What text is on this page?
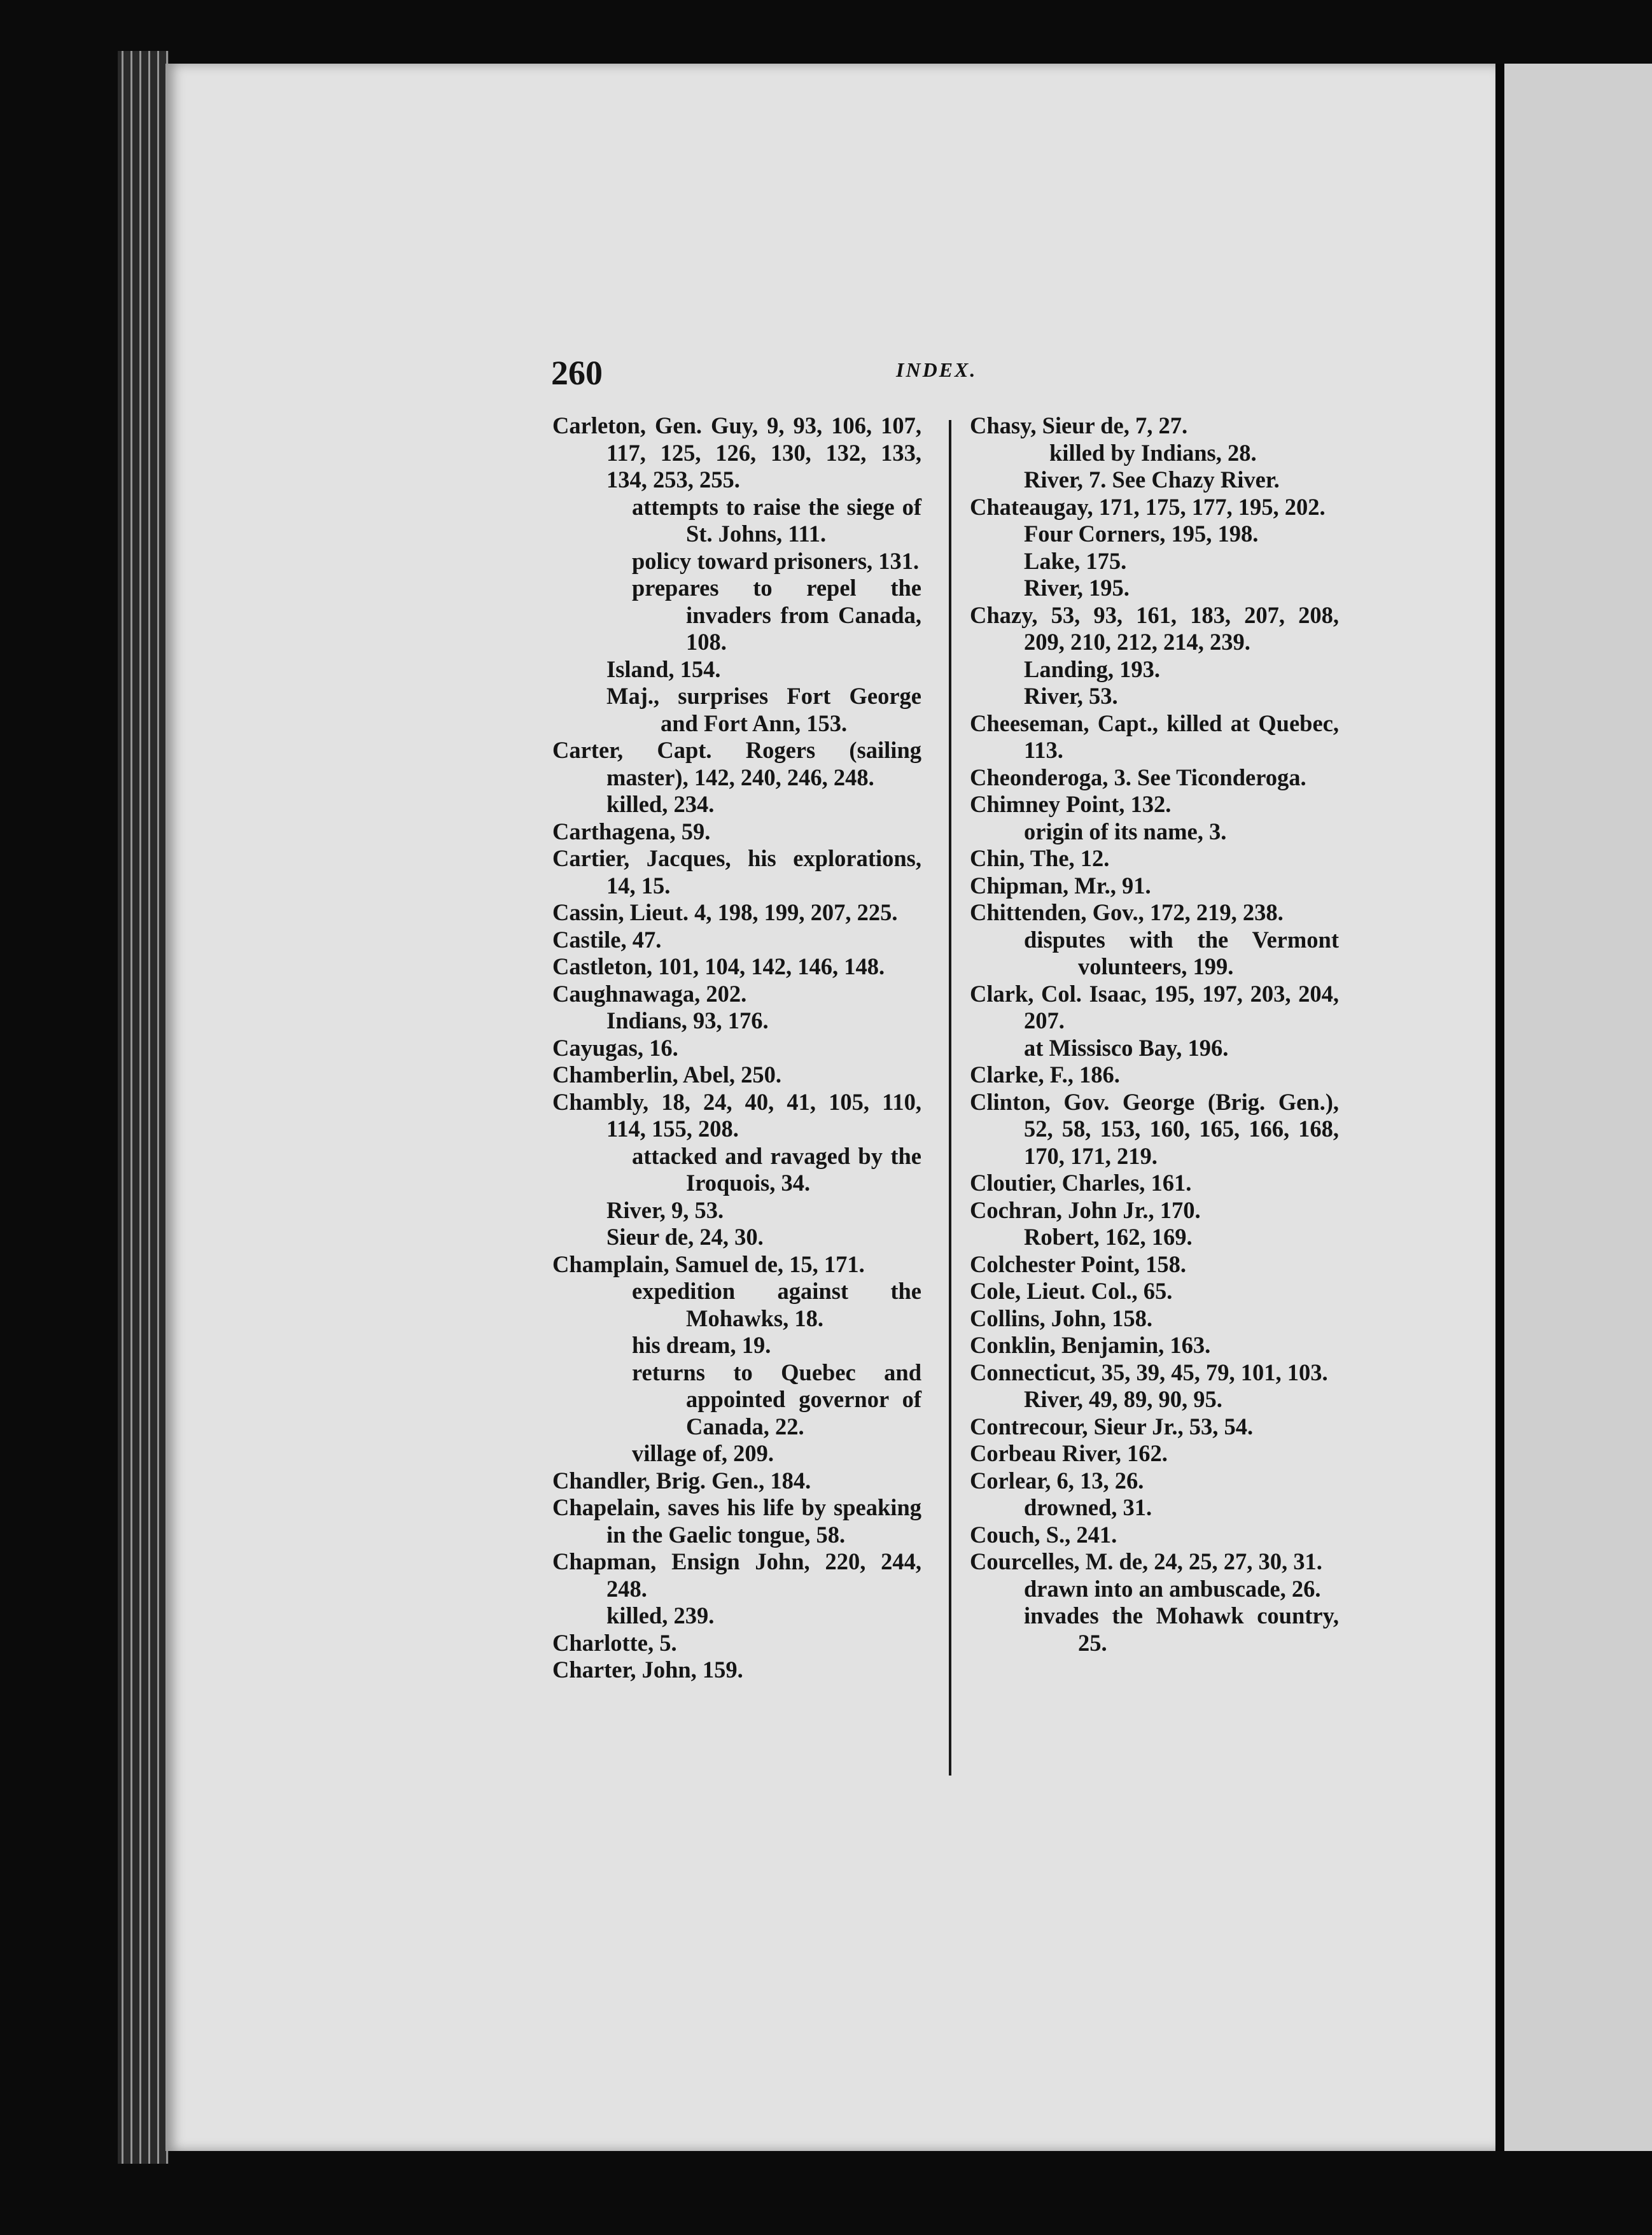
260	INDEX.
Carleton, Gen. Guy, 9, 93, 106, 107, 117, 125, 126, 130, 132, 133, 134, 253, 255.
attempts to raise the siege of St. Johns, 111.
policy toward prisoners, 131.
prepares to repel the invaders from Canada, 108.
Island, 154.
Maj., surprises Fort George and Fort Ann, 153.
Carter, Capt. Rogers (sailing master), 142, 240, 246, 248.
killed, 234.
Carthagena, 59.
Cartier, Jacques, his explorations, 14, 15.
Cassin, Lieut. 4, 198, 199, 207, 225.
Castile, 47.
Castleton, 101, 104, 142, 146, 148.
Caughnawaga, 202.
Indians, 93, 176.
Cayugas, 16.
Chamberlin, Abel, 250.
Chambly, 18, 24, 40, 41, 105, 110, 114, 155, 208.
attacked and ravaged by the Iroquois, 34.
River, 9, 53.
Sieur de, 24, 30.
Champlain, Samuel de, 15, 171.
expedition against the Mohawks, 18.
his dream, 19.
returns to Quebec and appointed governor of Canada, 22.
village of, 209.
Chandler, Brig. Gen., 184.
Chapelain, saves his life by speaking in the Gaelic tongue, 58.
Chapman, Ensign John, 220, 244, 248.
killed, 239.
Charlotte, 5.
Charter, John, 159.
Chasy, Sieur de, 7, 27.
killed by Indians, 28.
River, 7. See Chazy River.
Chateaugay, 171, 175, 177, 195, 202.
Four Corners, 195, 198.
Lake, 175.
River, 195.
Chazy, 53, 93, 161, 183, 207, 208, 209, 210, 212, 214, 239.
Landing, 193.
River, 53.
Cheeseman, Capt., killed at Quebec, 113.
Cheonderoga, 3. See Ticonderoga.
Chimney Point, 132.
origin of its name, 3.
Chin, The, 12.
Chipman, Mr., 91.
Chittenden, Gov., 172, 219, 238.
disputes with the Vermont volunteers, 199.
Clark, Col. Isaac, 195, 197, 203, 204, 207.
at Missisco Bay, 196.
Clarke, F., 186.
Clinton, Gov. George (Brig. Gen.), 52, 58, 153, 160, 165, 166, 168, 170, 171, 219.
Cloutier, Charles, 161.
Cochran, John Jr., 170.
Robert, 162, 169.
Colchester Point, 158.
Cole, Lieut. Col., 65.
Collins, John, 158.
Conklin, Benjamin, 163.
Connecticut, 35, 39, 45, 79, 101, 103.
River, 49, 89, 90, 95.
Contrecour, Sieur Jr., 53, 54.
Corbeau River, 162.
Corlear, 6, 13, 26.
drowned, 31.
Couch, S., 241.
Courcelles, M. de, 24, 25, 27, 30, 31.
drawn into an ambuscade, 26.
invades the Mohawk country, 25.
